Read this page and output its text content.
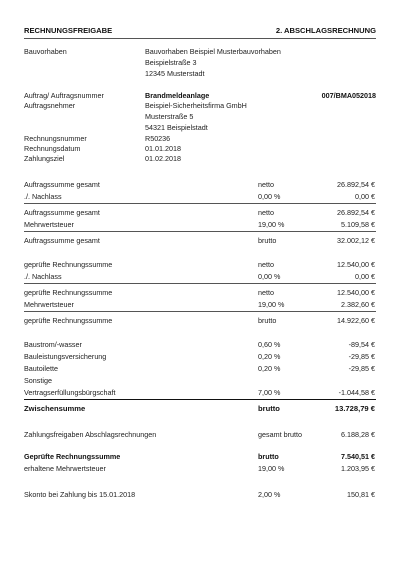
RECHNUNGSFREIGABE	2. ABSCHLAGSRECHNUNG
Bauvorhaben	Bauvorhaben Beispiel Musterbauvorhaben
Beispielstraße 3
12345 Musterstadt
Auftrag/ Auftragsnummer	Brandmeldeanlage	007/BMA052018
Auftragsnehmer	Beispiel-Sicherheitsfirma GmbH
Musterstraße 5
54321 Beispielstadt
Rechnungsnummer	R50236
Rechnungsdatum	01.01.2018
Zahlungsziel	01.02.2018
Auftragssumme gesamt	netto	26.892,54 €
./. Nachlass	0,00 %	0,00 €
Auftragssumme gesamt	netto	26.892,54 €
Mehrwertsteuer	19,00 %	5.109,58 €
Auftragssumme gesamt	brutto	32.002,12 €
geprüfte Rechnungssumme	netto	12.540,00 €
./. Nachlass	0,00 %	0,00 €
geprüfte Rechnungssumme	netto	12.540,00 €
Mehrwertsteuer	19,00 %	2.382,60 €
geprüfte Rechnungssumme	brutto	14.922,60 €
Baustrom/-wasser	0,60 %	-89,54 €
Bauleistungsversicherung	0,20 %	-29,85 €
Bautoilette	0,20 %	-29,85 €
Sonstige
Vertragserfüllungsbürgschaft	7,00 %	-1.044,58 €
Zwischensumme	brutto	13.728,79 €
Zahlungsfreigaben Abschlagsrechnungen	gesamt brutto	6.188,28 €
Geprüfte Rechnungssumme	brutto	7.540,51 €
erhaltene Mehrwertsteuer	19,00 %	1.203,95 €
Skonto bei Zahlung bis 15.01.2018	2,00 %	150,81 €
